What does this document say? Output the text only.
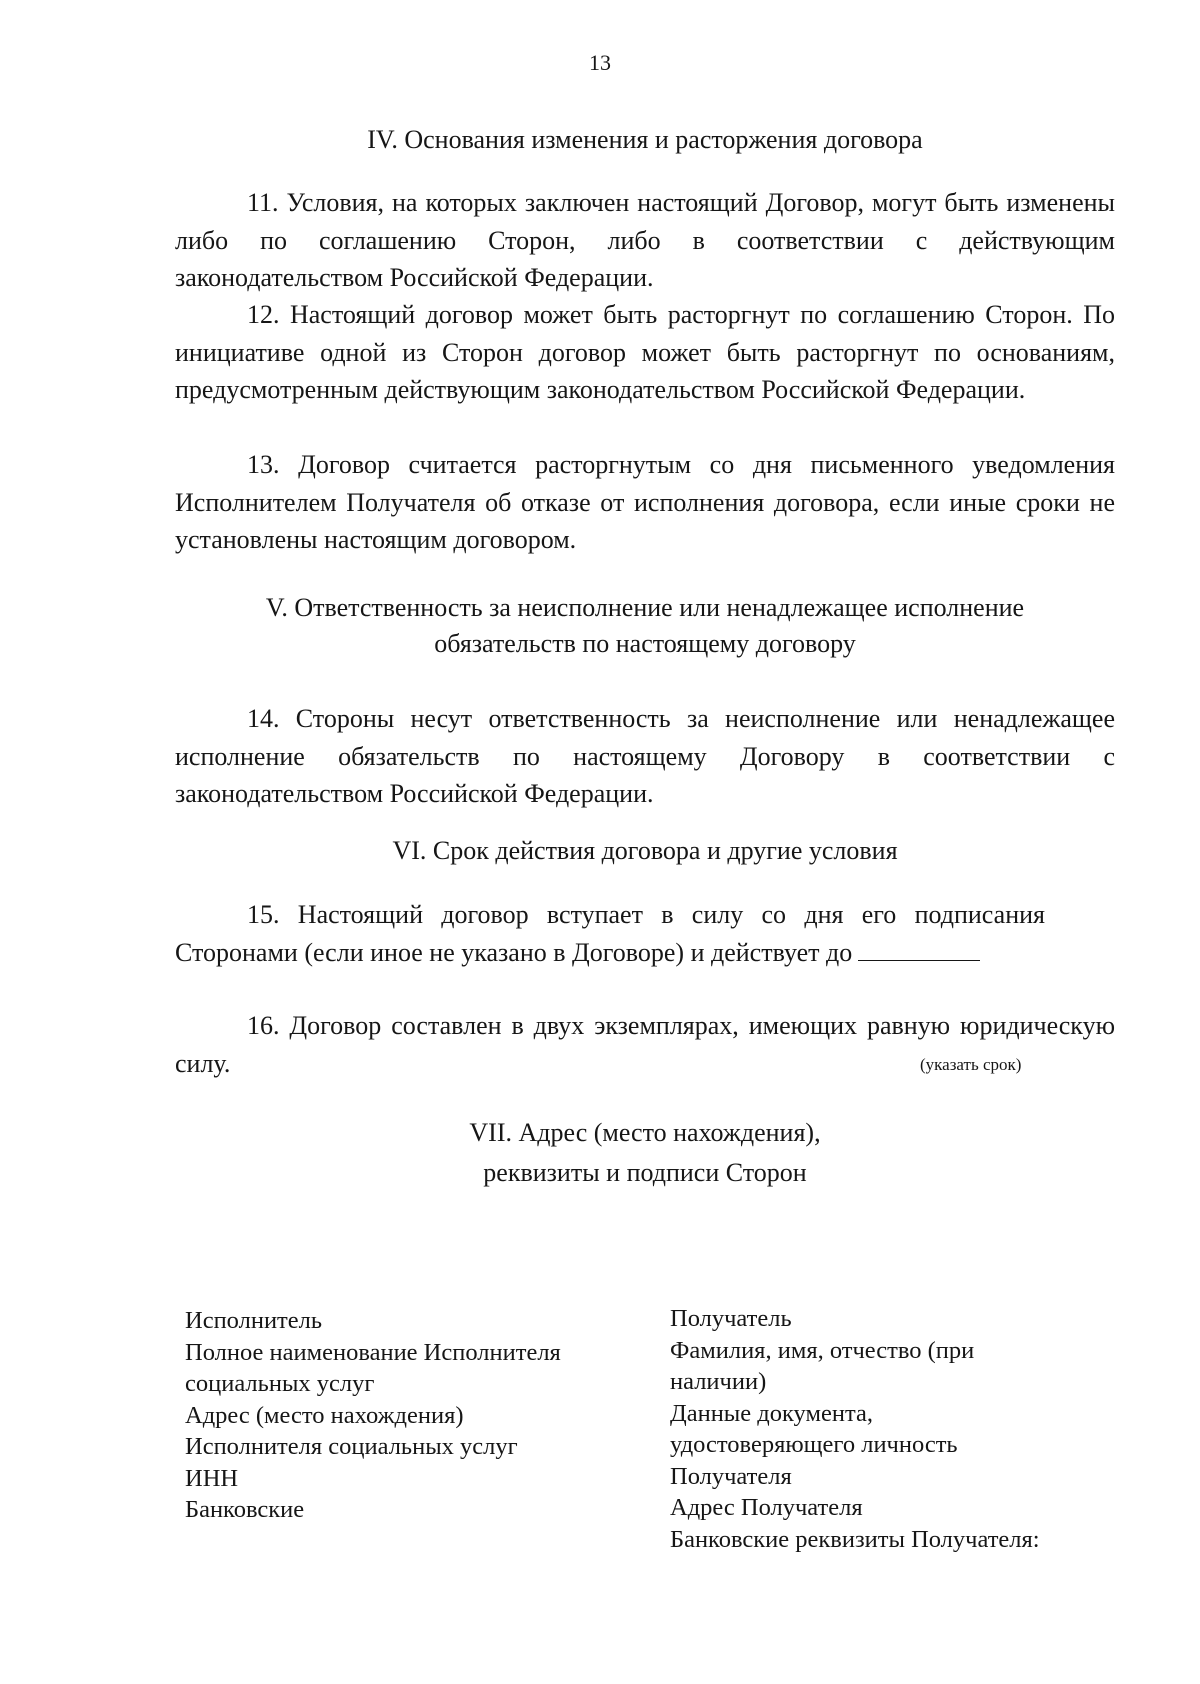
13
IV. Основания изменения и расторжения договора
11. Условия, на которых заключен настоящий Договор, могут быть изменены либо по соглашению Сторон, либо в соответствии с действующим законодательством Российской Федерации.
12. Настоящий договор может быть расторгнут по соглашению Сторон. По инициативе одной из Сторон договор может быть расторгнут по основаниям, предусмотренным действующим законодательством Российской Федерации.
13. Договор считается расторгнутым со дня письменного уведомления Исполнителем Получателя об отказе от исполнения договора, если иные сроки не установлены настоящим договором.
V. Ответственность за неисполнение или ненадлежащее исполнение
обязательств по настоящему договору
14. Стороны несут ответственность за неисполнение или ненадлежащее исполнение обязательств по настоящему Договору в соответствии с законодательством Российской Федерации.
VI. Срок действия договора и другие условия
15. Настоящий договор вступает в силу со дня его подписания Сторонами (если иное не указано в Договоре) и действует до
(указать срок)
16. Договор составлен в двух экземплярах, имеющих равную юридическую силу.
VII. Адрес (место нахождения),
реквизиты и подписи Сторон
Исполнитель
Полное наименование Исполнителя
социальных услуг
Адрес (место нахождения)
Исполнителя социальных услуг
ИНН
Банковские
Получатель
Фамилия, имя, отчество (при
наличии)
Данные документа,
удостоверяющего личность
Получателя
Адрес Получателя
Банковские реквизиты Получателя:
